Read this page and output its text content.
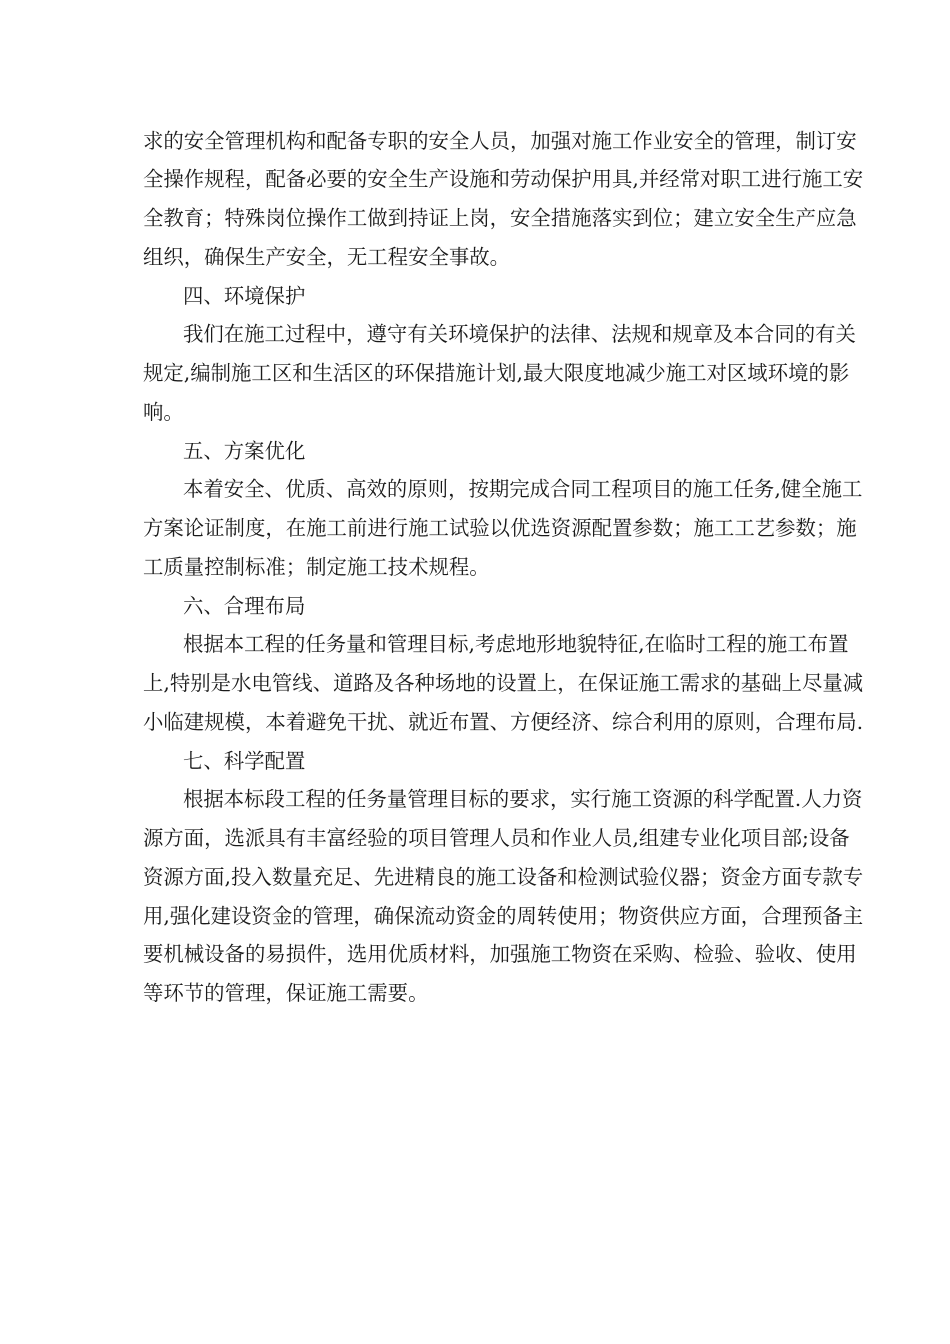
求的安全管理机构和配备专职的安全人员，加强对施工作业安全的管理，制订安
全操作规程，配备必要的安全生产设施和劳动保护用具,并经常对职工进行施工安
全教育；特殊岗位操作工做到持证上岗，安全措施落实到位；建立安全生产应急
组织，确保生产安全，无工程安全事故。
四、环境保护
我们在施工过程中，遵守有关环境保护的法律、法规和规章及本合同的有关
规定,编制施工区和生活区的环保措施计划,最大限度地减少施工对区域环境的影
响。
五、方案优化
本着安全、优质、高效的原则，按期完成合同工程项目的施工任务,健全施工
方案论证制度，在施工前进行施工试验以优选资源配置参数；施工工艺参数；施
工质量控制标准；制定施工技术规程。
六、合理布局
根据本工程的任务量和管理目标,考虑地形地貌特征,在临时工程的施工布置
上,特别是水电管线、道路及各种场地的设置上，在保证施工需求的基础上尽量减
小临建规模，本着避免干扰、就近布置、方便经济、综合利用的原则，合理布局.
七、科学配置
根据本标段工程的任务量管理目标的要求，实行施工资源的科学配置.人力资
源方面，选派具有丰富经验的项目管理人员和作业人员,组建专业化项目部;设备
资源方面,投入数量充足、先进精良的施工设备和检测试验仪器；资金方面专款专
用,强化建设资金的管理，确保流动资金的周转使用；物资供应方面，合理预备主
要机械设备的易损件，选用优质材料，加强施工物资在采购、检验、验收、使用
等环节的管理，保证施工需要。
